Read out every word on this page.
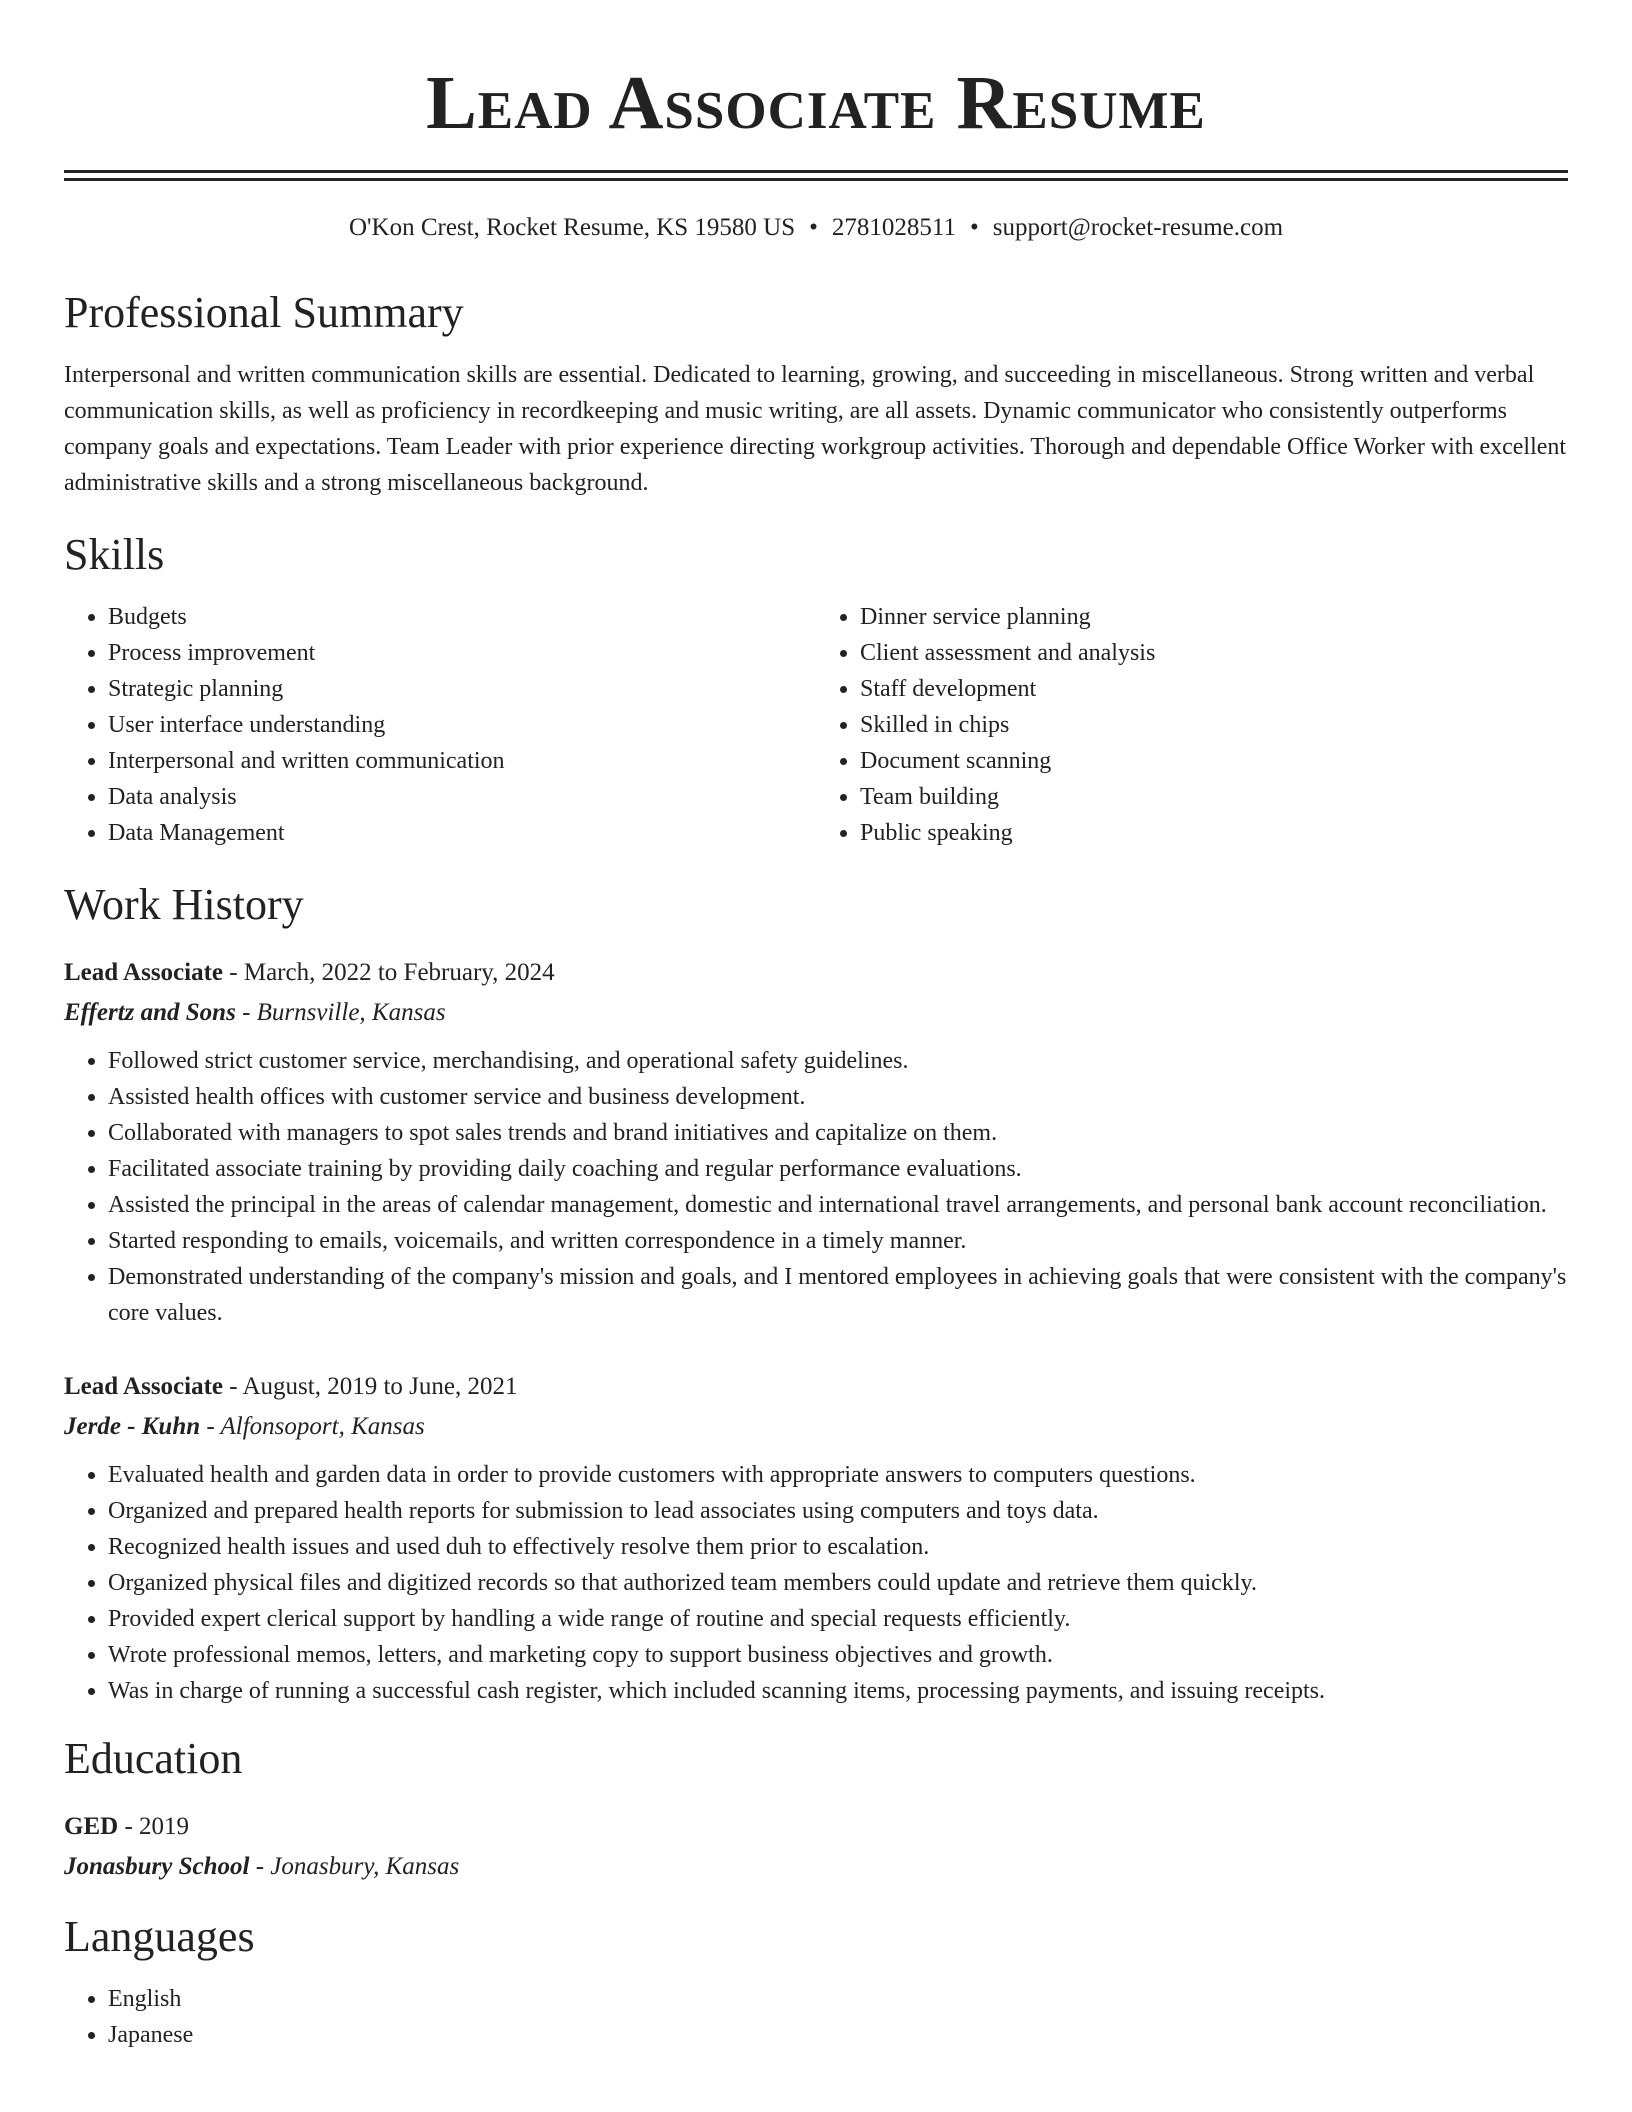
Lead Associate Resume
O'Kon Crest, Rocket Resume, KS 19580 US • 2781028511 • support@rocket-resume.com
Professional Summary
Interpersonal and written communication skills are essential. Dedicated to learning, growing, and succeeding in miscellaneous. Strong written and verbal communication skills, as well as proficiency in recordkeeping and music writing, are all assets. Dynamic communicator who consistently outperforms company goals and expectations. Team Leader with prior experience directing workgroup activities. Thorough and dependable Office Worker with excellent administrative skills and a strong miscellaneous background.
Skills
• Budgets
• Process improvement
• Strategic planning
• User interface understanding
• Interpersonal and written communication
• Data analysis
• Data Management
• Dinner service planning
• Client assessment and analysis
• Staff development
• Skilled in chips
• Document scanning
• Team building
• Public speaking
Work History
Lead Associate - March, 2022 to February, 2024
Effertz and Sons - Burnsville, Kansas
• Followed strict customer service, merchandising, and operational safety guidelines.
• Assisted health offices with customer service and business development.
• Collaborated with managers to spot sales trends and brand initiatives and capitalize on them.
• Facilitated associate training by providing daily coaching and regular performance evaluations.
• Assisted the principal in the areas of calendar management, domestic and international travel arrangements, and personal bank account reconciliation.
• Started responding to emails, voicemails, and written correspondence in a timely manner.
• Demonstrated understanding of the company's mission and goals, and I mentored employees in achieving goals that were consistent with the company's core values.
Lead Associate - August, 2019 to June, 2021
Jerde - Kuhn - Alfonsoport, Kansas
• Evaluated health and garden data in order to provide customers with appropriate answers to computers questions.
• Organized and prepared health reports for submission to lead associates using computers and toys data.
• Recognized health issues and used duh to effectively resolve them prior to escalation.
• Organized physical files and digitized records so that authorized team members could update and retrieve them quickly.
• Provided expert clerical support by handling a wide range of routine and special requests efficiently.
• Wrote professional memos, letters, and marketing copy to support business objectives and growth.
• Was in charge of running a successful cash register, which included scanning items, processing payments, and issuing receipts.
Education
GED - 2019
Jonasbury School - Jonasbury, Kansas
Languages
• English
• Japanese
